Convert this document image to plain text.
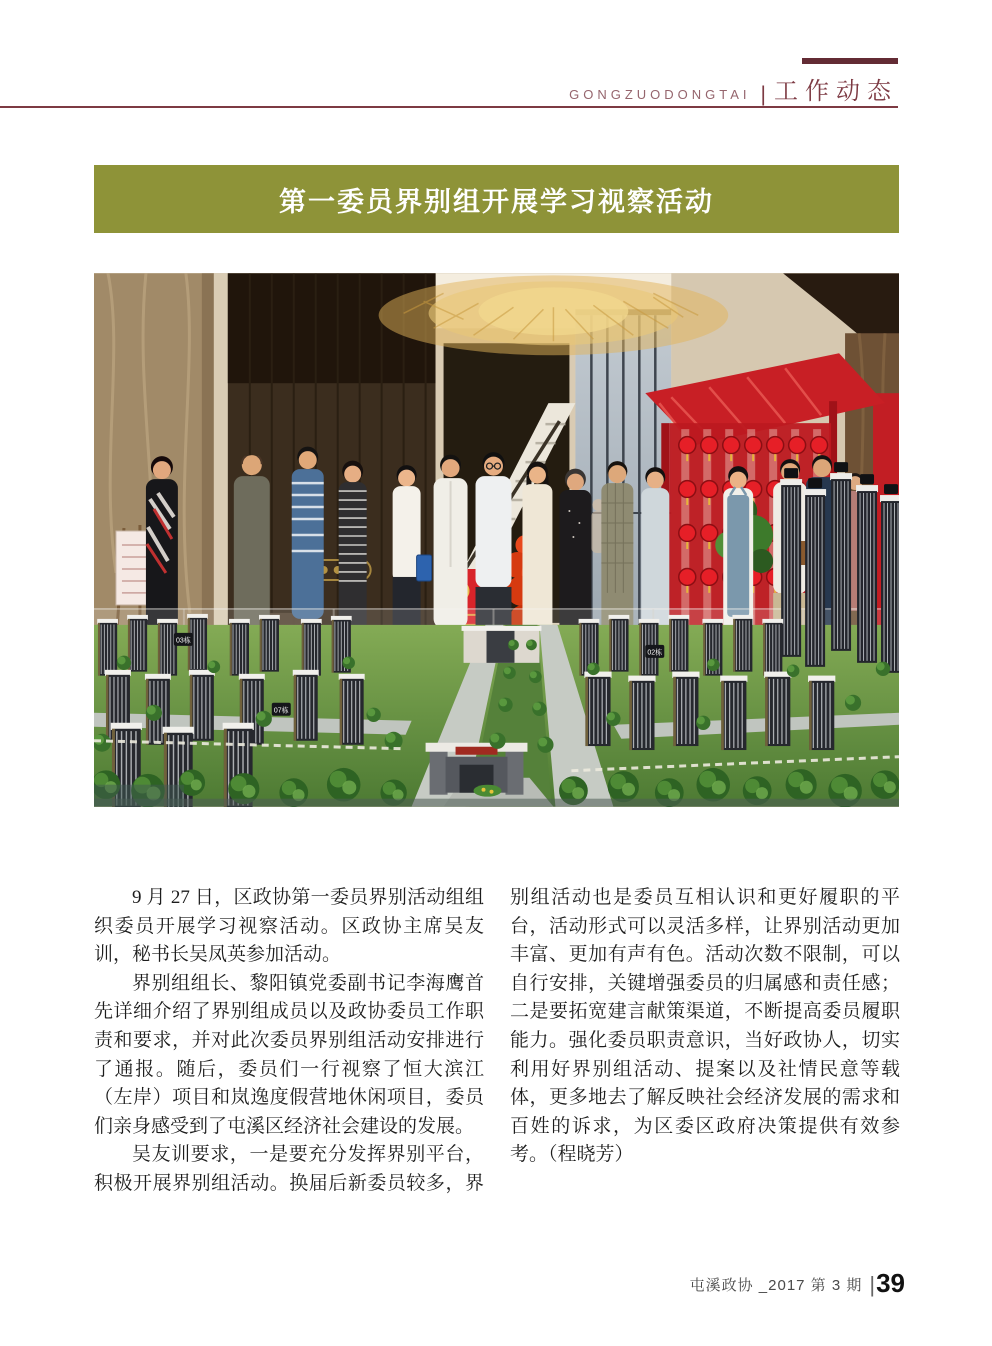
GONGZUODONGTAI | 工作动态
第一委员界别组开展学习视察活动
03栋
07栋
02栋

9 月 27 日，区政协第一委员界别活动组组织委员开展学习视察活动。区政协主席吴友训，秘书长吴凤英参加活动。

界别组组长、黎阳镇党委副书记李海鹰首先详细介绍了界别组成员以及政协委员工作职责和要求，并对此次委员界别组活动安排进行了通报。随后，委员们一行视察了恒大滨江（左岸）项目和岚逸度假营地休闲项目，委员们亲身感受到了屯溪区经济社会建设的发展。

吴友训要求，一是要充分发挥界别平台，积极开展界别组活动。换届后新委员较多，界别组活动也是委员互相认识和更好履职的平台，活动形式可以灵活多样，让界别活动更加丰富、更加有声有色。活动次数不限制，可以自行安排，关键增强委员的归属感和责任感；二是要拓宽建言献策渠道，不断提高委员履职能力。强化委员职责意识，当好政协人，切实利用好界别组活动、提案以及社情民意等载体，更多地去了解反映社会经济发展的需求和百姓的诉求，为区委区政府决策提供有效参考。（程晓芳）

屯溪政协 _2017 第 3 期 |39
